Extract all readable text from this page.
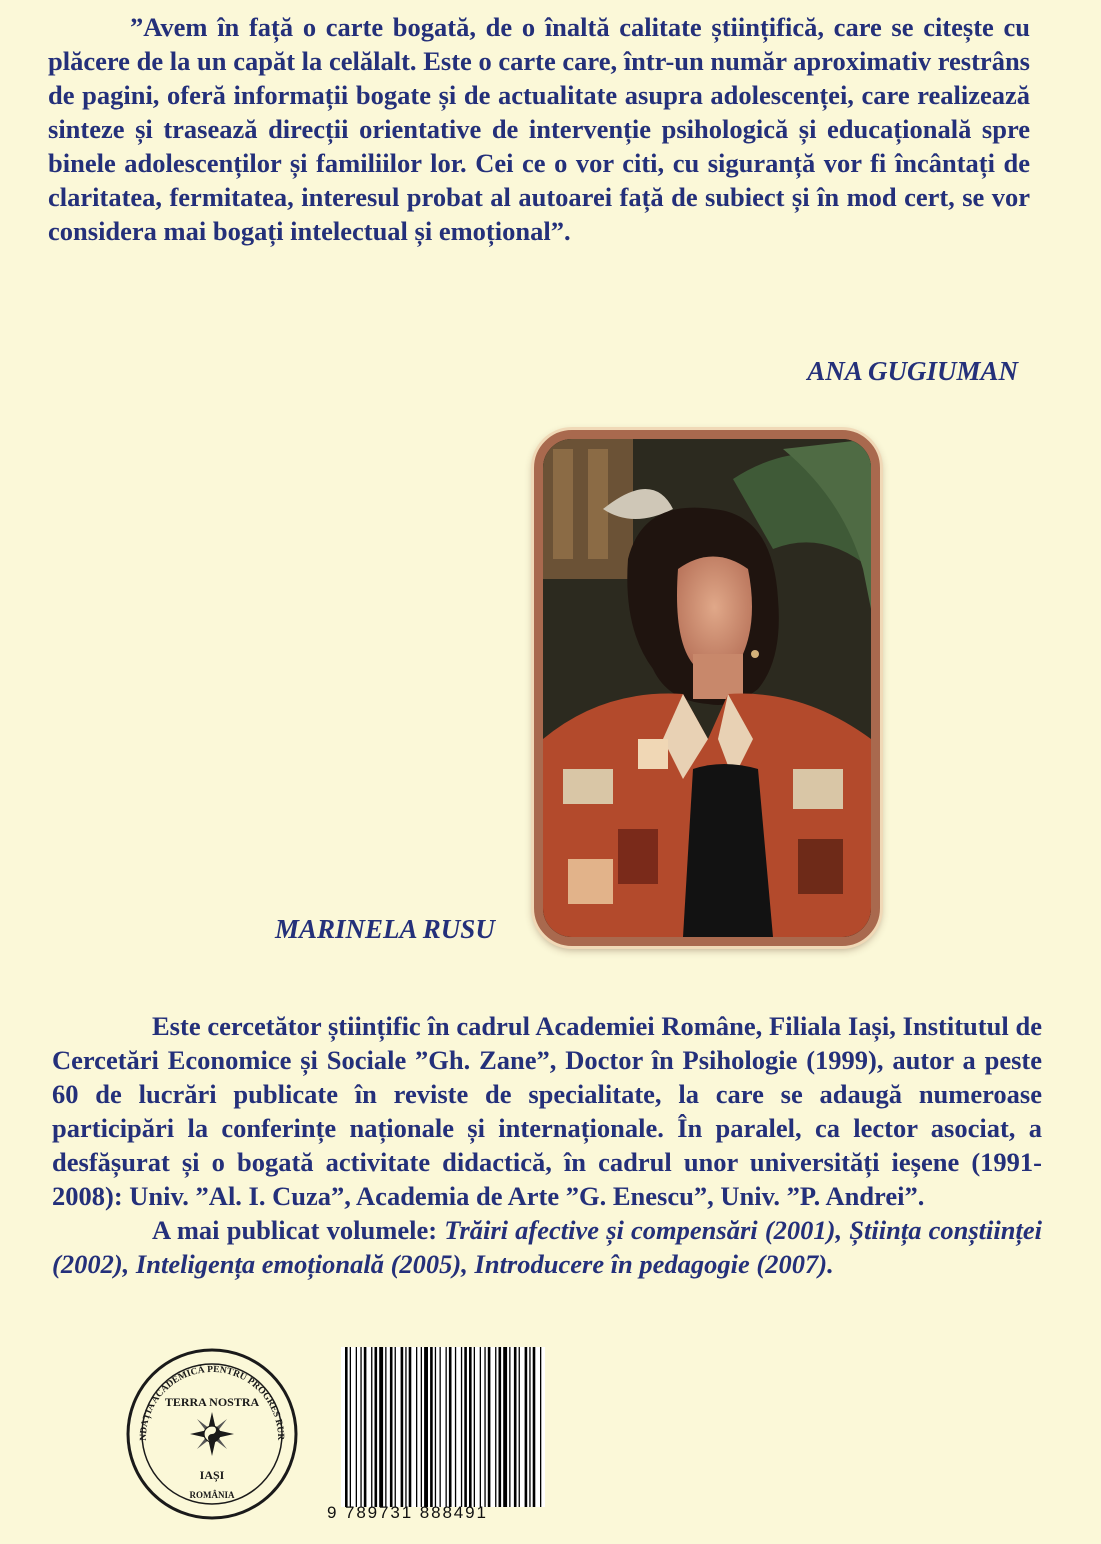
”Avem în față o carte bogată, de o înaltă calitate științifică, care se citește cu plăcere de la un capăt la celălalt. Este o carte care, într-un număr aproximativ restrâns de pagini, oferă informații bogate și de actualitate asupra adolescenței, care realizează sinteze și trasează direcții orientative de intervenție psihologică și educațională spre binele adolescenților și familiilor lor. Cei ce o vor citi, cu siguranță vor fi încântați de claritatea, fermitatea, interesul probat al autoarei față de subiect și în mod cert, se vor considera mai bogați intelectual și emoțional”.

ANA GUGIUMAN
MARINELA RUSU

Este cercetător științific în cadrul Academiei Române, Filiala Iași, Institutul de Cercetări Economice și Sociale ”Gh. Zane”, Doctor în Psihologie (1999), autor a peste 60 de lucrări publicate în reviste de specialitate, la care se adaugă numeroase participări la conferințe naționale și internaționale. În paralel, ca lector asociat, a desfășurat și o bogată activitate didactică, în cadrul unor universități ieșene (1991-2008): Univ. ”Al. I. Cuza”, Academia de Arte ”G. Enescu”, Univ. ”P. Andrei”.

A mai publicat volumele: Trăiri afective și compensări (2001), Știința conștiinței (2002), Inteligența emoțională (2005), Introducere în pedagogie (2007).

NDAȚIA ACADEMICĂ PENTRU PROGRES RUR
TERRA NOSTRA
IAȘI
ROMÂNIA
9 789731 888491
